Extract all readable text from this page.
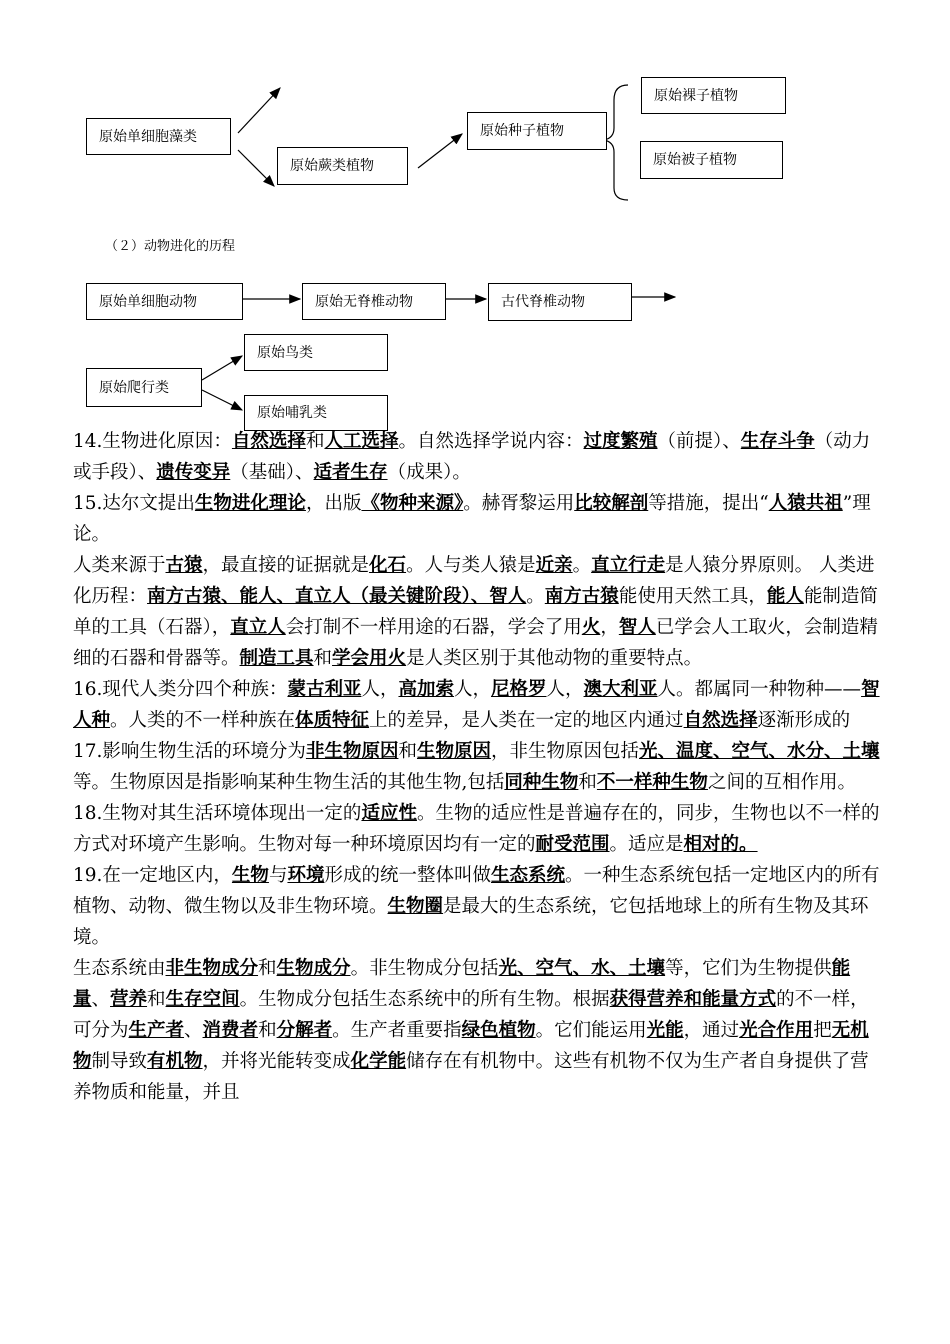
原始单细胞藻类
原始蕨类植物
原始种子植物
原始裸子植物
原始被子植物
（２）动物进化的历程
原始单细胞动物	原始无脊椎动物	古代脊椎动物
原始爬行类
原始鸟类
原始哺乳类

14.生物进化原因：自然选择和人工选择。自然选择学说内容：过度繁殖（前提）、生存斗争（动力或手段）、遗传变异（基础）、适者生存（成果）。

15.达尔文提出生物进化理论，出版《物种来源》。赫胥黎运用比较解剖等措施，提出“人猿共祖”理论。

人类来源于古猿，最直接的证据就是化石。人与类人猿是近亲。直立行走是人猿分界原则。 人类进化历程：南方古猿、能人、直立人（最关键阶段）、智人。南方古猿能使用天然工具，能人能制造简单的工具（石器），直立人会打制不一样用途的石器，学会了用火，智人已学会人工取火，会制造精细的石器和骨器等。制造工具和学会用火是人类区别于其他动物的重要特点。

16.现代人类分四个种族：蒙古利亚人，高加索人，尼格罗人，澳大利亚人。都属同一种物种——智人种。人类的不一样种族在体质特征上的差异，是人类在一定的地区内通过自然选择逐渐形成的

17.影响生物生活的环境分为非生物原因和生物原因，非生物原因包括光、温度、空气、水分、土壤等。生物原因是指影响某种生物生活的其他生物,包括同种生物和不一样种生物之间的互相作用。

18.生物对其生活环境体现出一定的适应性。生物的适应性是普遍存在的，同步，生物也以不一样的方式对环境产生影响。生物对每一种环境原因均有一定的耐受范围。适应是相对的。

19.在一定地区内，生物与环境形成的统一整体叫做生态系统。一种生态系统包括一定地区内的所有植物、动物、微生物以及非生物环境。生物圈是最大的生态系统，它包括地球上的所有生物及其环境。

生态系统由非生物成分和生物成分。非生物成分包括光、空气、水、土壤等，它们为生物提供能量、营养和生存空间。生物成分包括生态系统中的所有生物。根据获得营养和能量方式的不一样，可分为生产者、消费者和分解者。生产者重要指绿色植物。它们能运用光能，通过光合作用把无机物制导致有机物，并将光能转变成化学能储存在有机物中。这些有机物不仅为生产者自身提供了营养物质和能量，并且
